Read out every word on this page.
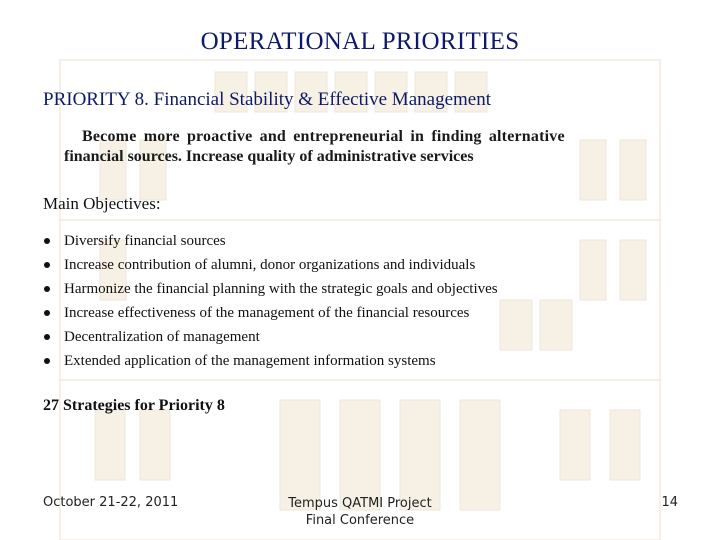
OPERATIONAL PRIORITIES
PRIORITY 8. Financial Stability & Effective Management
Become more proactive and entrepreneurial in finding alternative
financial sources. Increase quality of administrative services
Main Objectives:
Diversify financial sources
Increase contribution of alumni, donor organizations and individuals
Harmonize the financial planning with the strategic goals and objectives
Increase effectiveness of the management of the financial resources
Decentralization of management
Extended application of the management information systems
27 Strategies for Priority 8
October 21-22, 2011	Tempus QATMI Project
Final Conference
14
